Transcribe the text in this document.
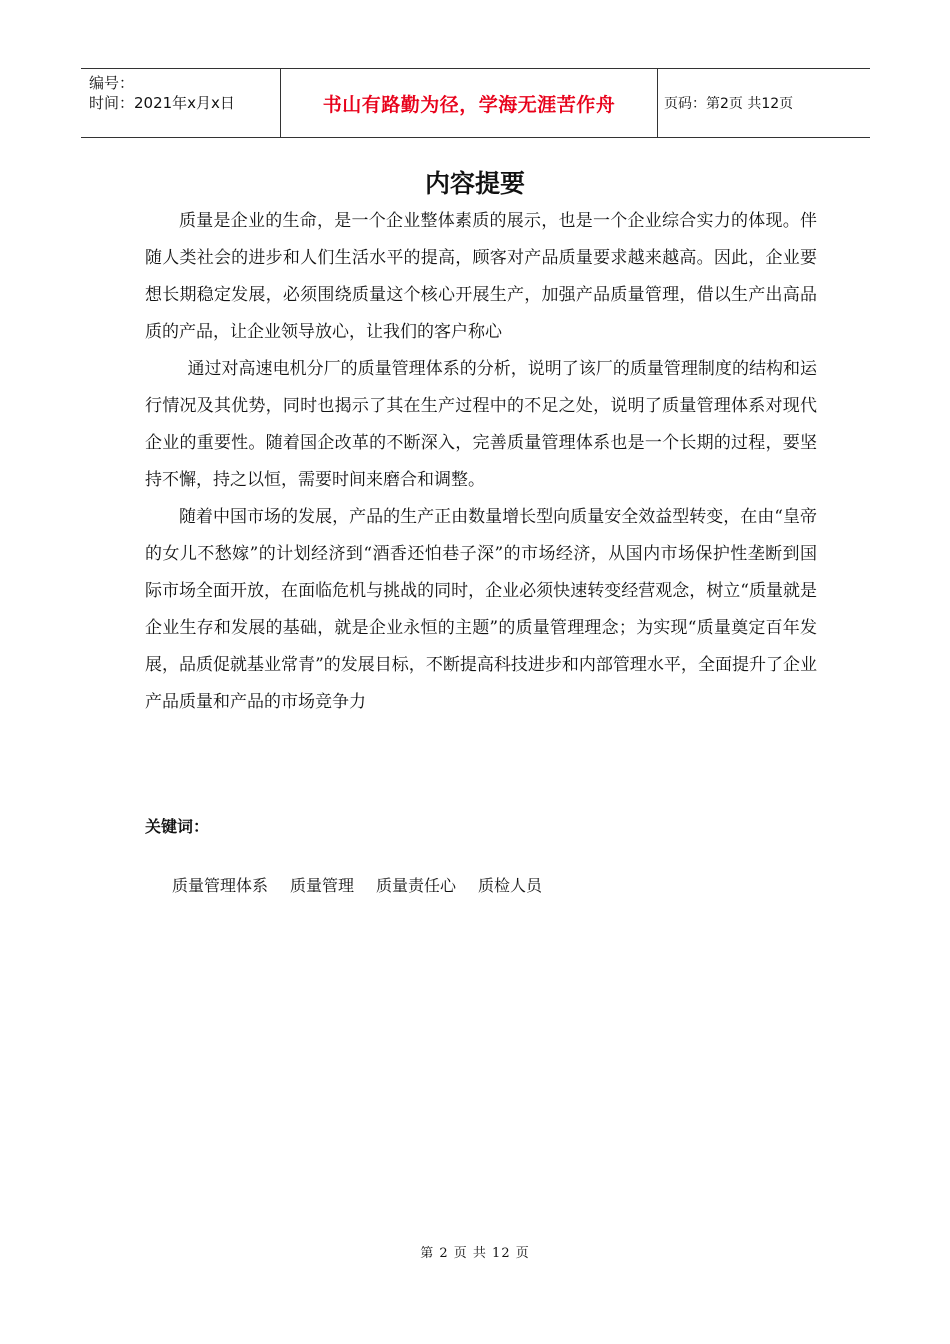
编号：
时间：2021年x月x日	书山有路勤为径，学海无涯苦作舟	页码：第2页 共12页
内容提要

质量是企业的生命，是一个企业整体素质的展示，也是一个企业综合实力的体现。伴随人类社会的进步和人们生活水平的提高，顾客对产品质量要求越来越高。因此，企业要想长期稳定发展，必须围绕质量这个核心开展生产，加强产品质量管理，借以生产出高品质的产品，让企业领导放心，让我们的客户称心

通过对高速电机分厂的质量管理体系的分析，说明了该厂的质量管理制度的结构和运行情况及其优势，同时也揭示了其在生产过程中的不足之处，说明了质量管理体系对现代企业的重要性。随着国企改革的不断深入，完善质量管理体系也是一个长期的过程，要坚持不懈，持之以恒，需要时间来磨合和调整。

随着中国市场的发展，产品的生产正由数量增长型向质量安全效益型转变，在由“皇帝的女儿不愁嫁”的计划经济到“酒香还怕巷子深”的市场经济，从国内市场保护性垄断到国际市场全面开放，在面临危机与挑战的同时，企业必须快速转变经营观念，树立“质量就是企业生存和发展的基础，就是企业永恒的主题”的质量管理理念；为实现“质量奠定百年发展，品质促就基业常青”的发展目标，不断提高科技进步和内部管理水平，全面提升了企业产品质量和产品的市场竞争力

关键词：
质量管理体系 质量管理 质量责任心 质检人员
第 2 页 共 12 页
